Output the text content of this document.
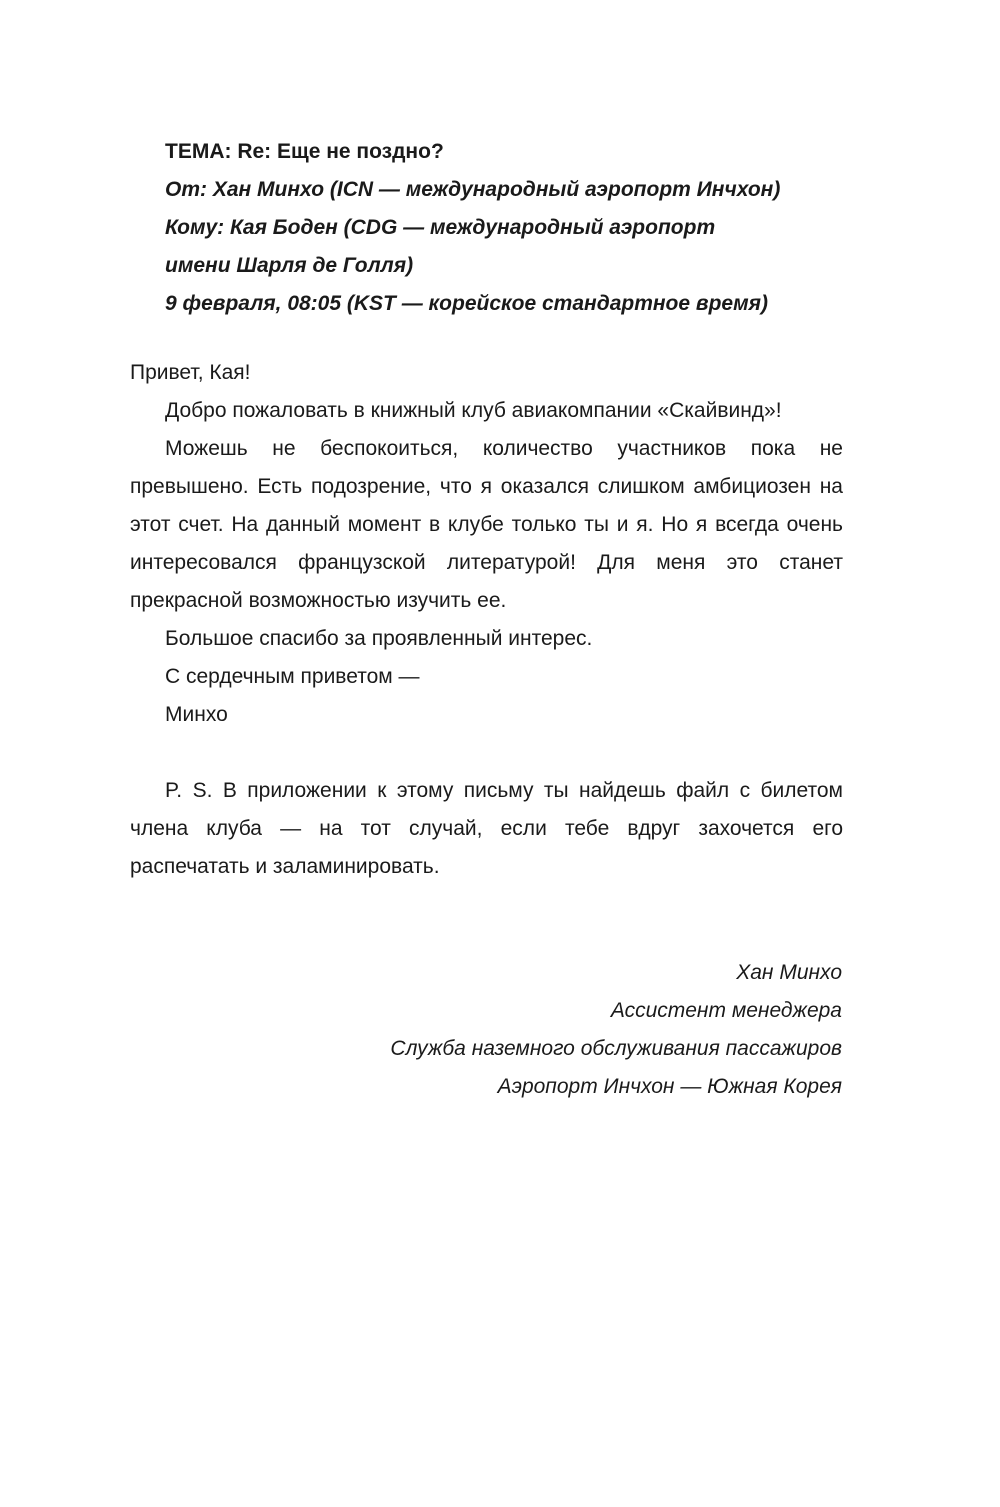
ТЕМА: Re: Еще не поздно?
От: Хан Минхо (ICN — международный аэропорт Инчхон)
Кому: Кая Боден (CDG — международный аэропорт
имени Шарля де Голля)
9 февраля, 08:05 (KST — корейское стандартное время)

Привет, Кая!

Добро пожаловать в книжный клуб авиакомпании «Скайвинд»!

Можешь не беспокоиться, количество участников пока не превышено. Есть подозрение, что я оказался слишком амбициозен на этот счет. На данный момент в клубе только ты и я. Но я всегда очень интересовался французской литературой! Для меня это станет прекрасной возможностью изучить ее.

Большое спасибо за проявленный интерес.

С сердечным приветом —

Минхо

P. S. В приложении к этому письму ты найдешь файл с билетом члена клуба — на тот случай, если тебе вдруг захочется его распечатать и заламинировать.

Хан Минхо
Ассистент менеджера
Служба наземного обслуживания пассажиров
Аэропорт Инчхон — Южная Корея
